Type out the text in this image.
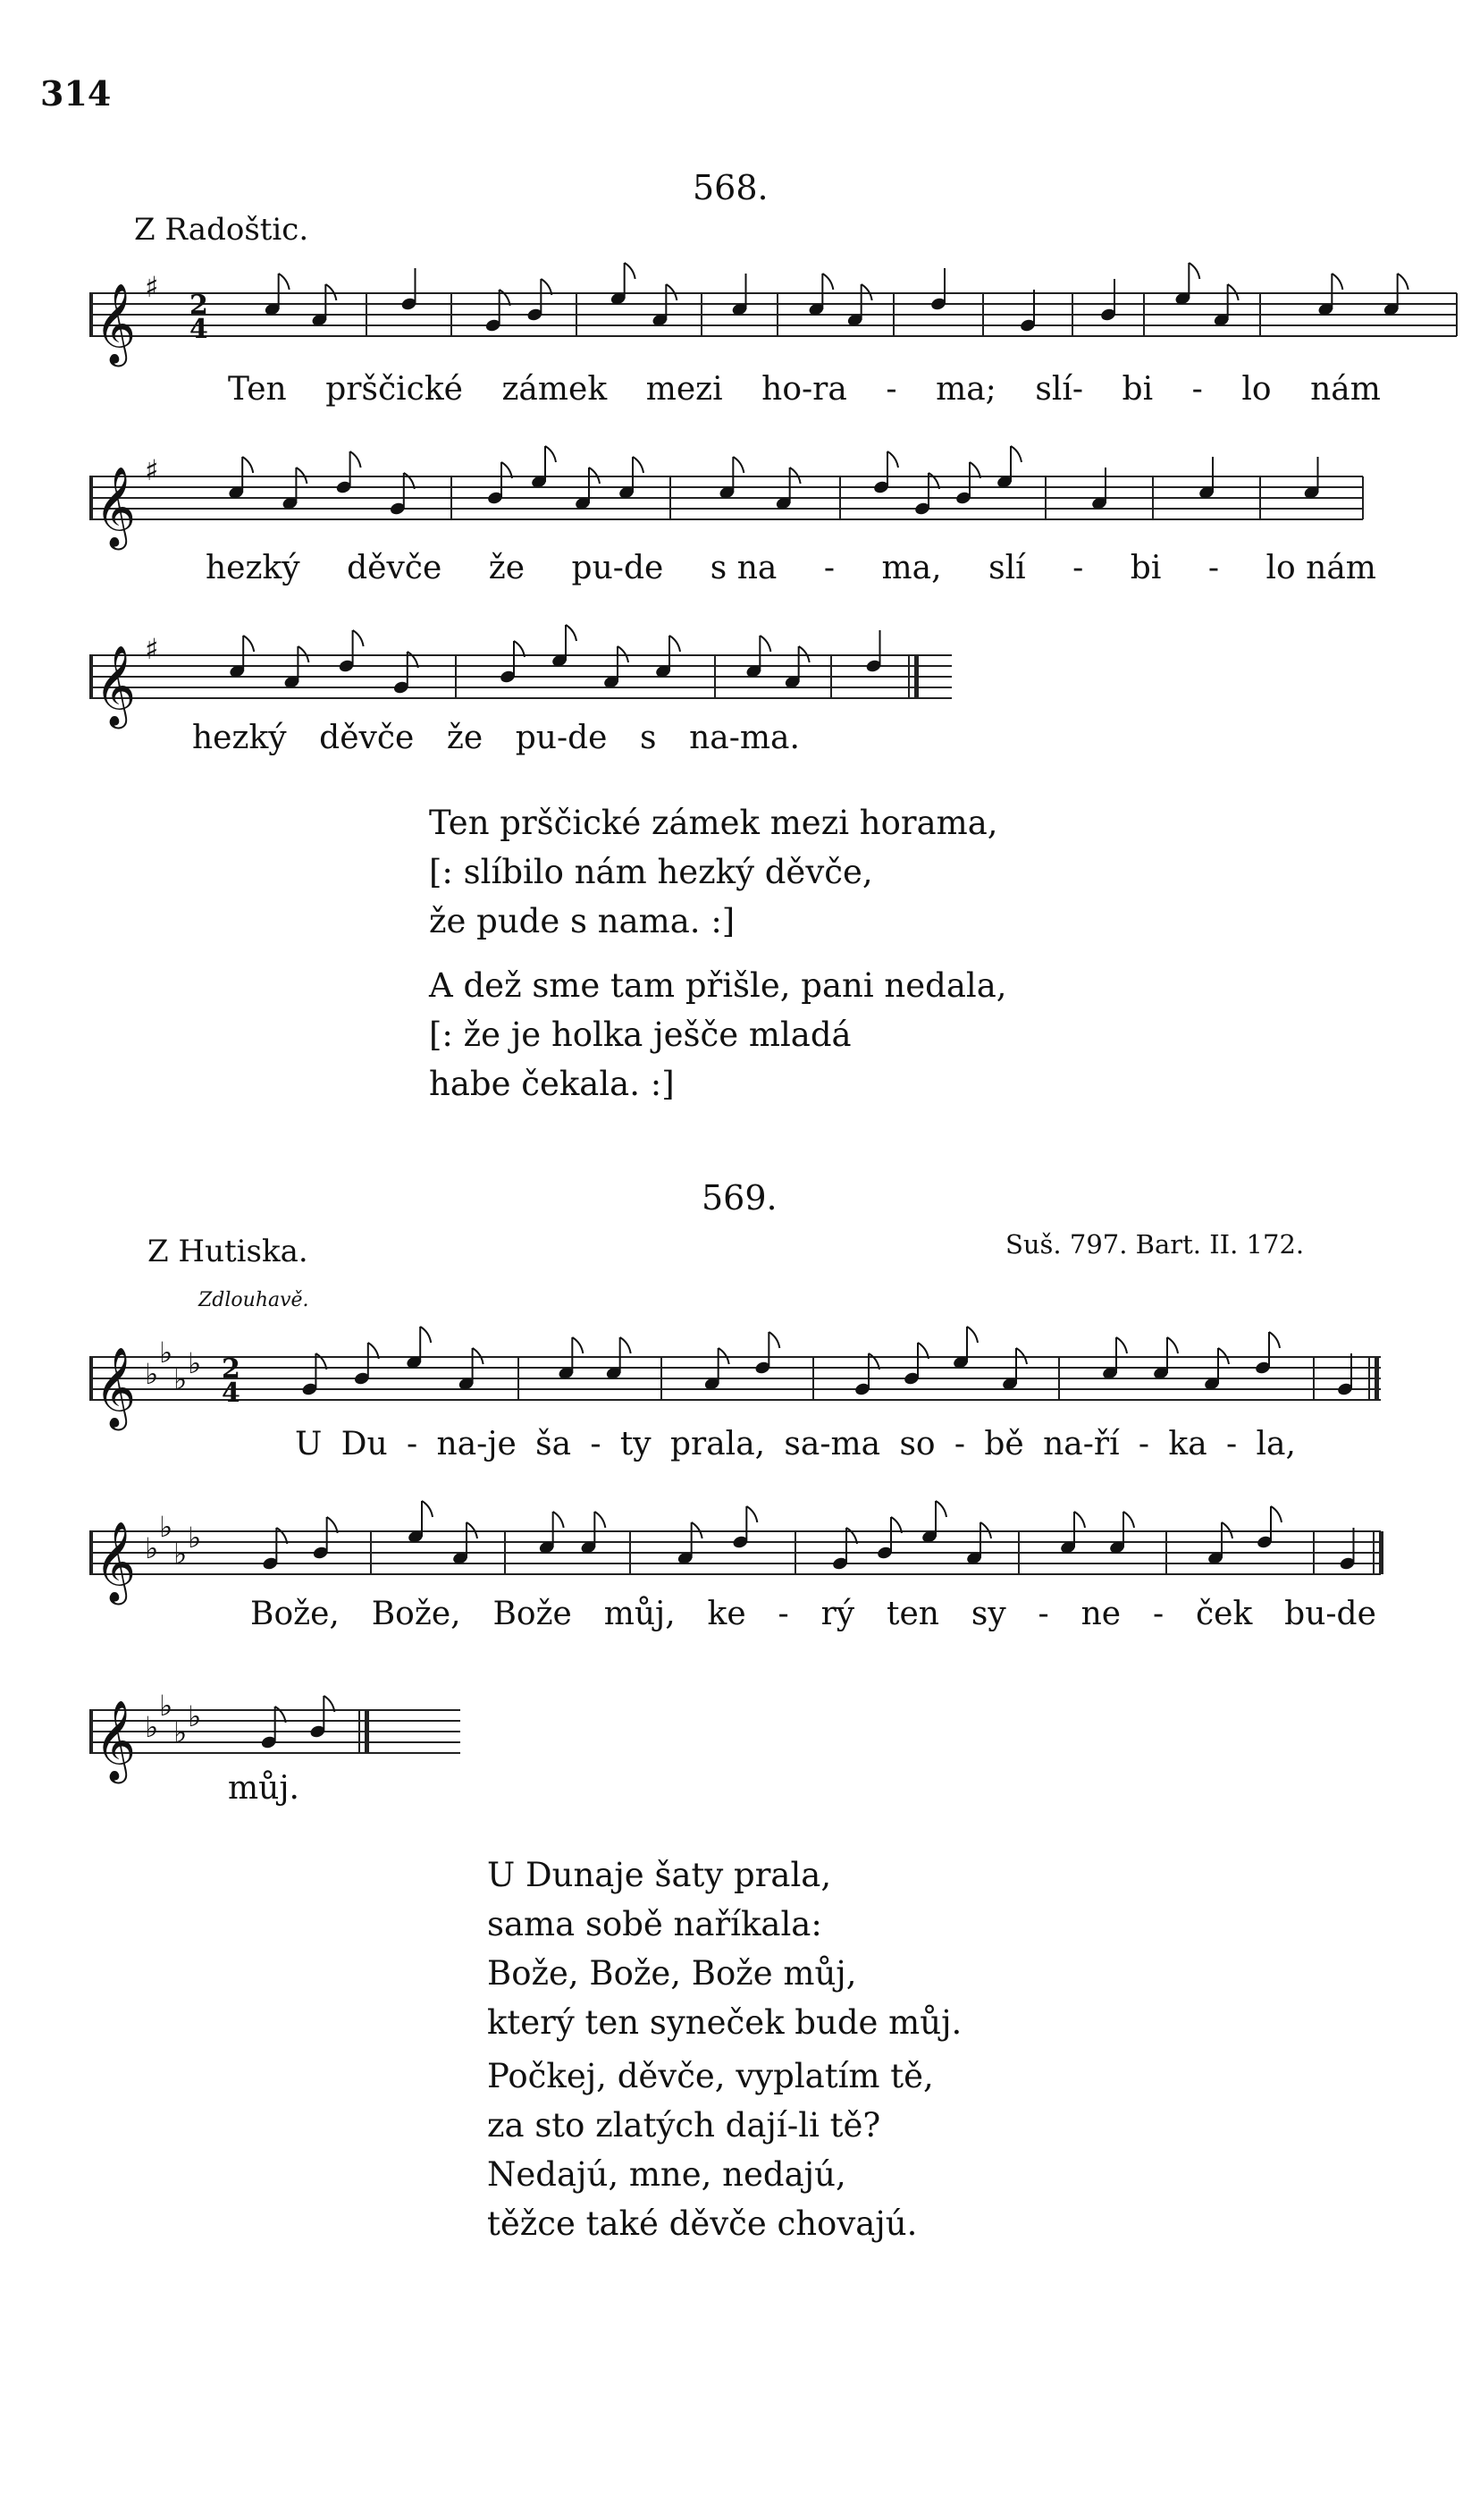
314
568.
Z Radoštic.
𝄞 ♯
2
4
Ten prščické zámek mezi ho-ra - ma; slí- bi - lo nám
𝄞 ♯
hezký děvče že pu-de s na - ma, slí - bi - lo nám
𝄞 ♯
hezký děvče že pu-de s na-ma.
Ten prščické zámek mezi horama,
[: slíbilo nám hezký děvče,
že pude s nama. :]
A dež sme tam přišle, pani nedala,
[: že je holka ješče mladá
habe čekala. :]
569.
Z Hutiska.	Suš. 797. Bart. II. 172.
Zdlouhavě.
𝄞 ♭
♭
♭ ♭ 2
4
U Du - na-je ša - ty prala, sa-ma so - bě na-ří - ka - la,
𝄞 ♭
♭
♭ ♭
Bože, Bože, Bože můj, ke - rý ten sy - ne - ček bu-de
𝄞 ♭
♭
♭ ♭
můj.
U Dunaje šaty prala,
sama sobě naříkala:
Bože, Bože, Bože můj,
který ten syneček bude můj.
Počkej, děvče, vyplatím tě,
za sto zlatých dají-li tě?
Nedajú, mne, nedajú,
těžce také děvče chovajú.
